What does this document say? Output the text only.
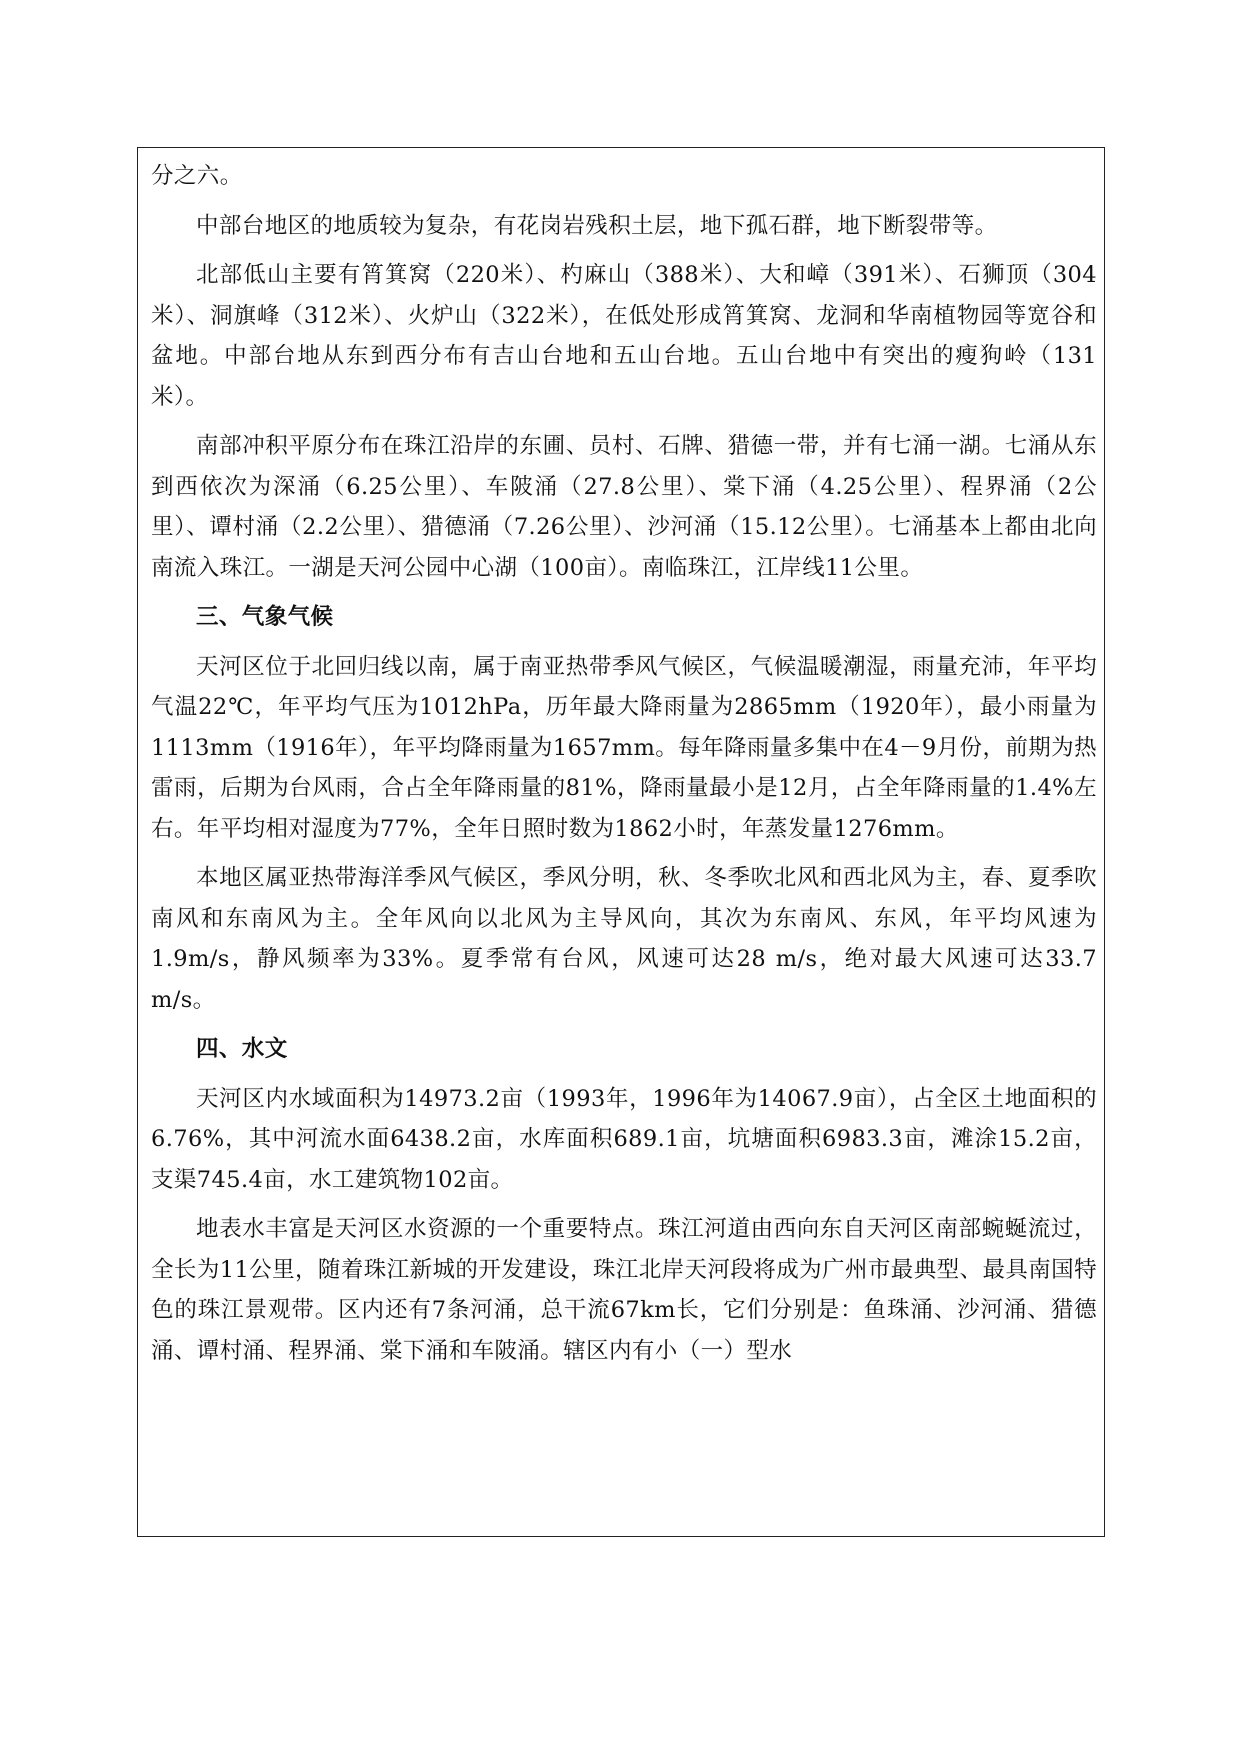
分之六。

中部台地区的地质较为复杂，有花岗岩残积土层，地下孤石群，地下断裂带等。

北部低山主要有筲箕窝（220米）、杓麻山（388米）、大和嶂（391米）、石狮顶（304米）、洞旗峰（312米）、火炉山（322米），在低处形成筲箕窝、龙洞和华南植物园等宽谷和盆地。中部台地从东到西分布有吉山台地和五山台地。五山台地中有突出的瘦狗岭（131米）。

南部冲积平原分布在珠江沿岸的东圃、员村、石牌、猎德一带，并有七涌一湖。七涌从东到西依次为深涌（6.25公里）、车陂涌（27.8公里）、棠下涌（4.25公里）、程界涌（2公里）、谭村涌（2.2公里）、猎德涌（7.26公里）、沙河涌（15.12公里）。七涌基本上都由北向南流入珠江。一湖是天河公园中心湖（100亩）。南临珠江，江岸线11公里。

三、气象气候

天河区位于北回归线以南，属于南亚热带季风气候区，气候温暖潮湿，雨量充沛，年平均气温22℃，年平均气压为1012hPa，历年最大降雨量为2865mm（1920年），最小雨量为1113mm（1916年），年平均降雨量为1657mm。每年降雨量多集中在4－9月份，前期为热雷雨，后期为台风雨，合占全年降雨量的81%，降雨量最小是12月，占全年降雨量的1.4%左右。年平均相对湿度为77%，全年日照时数为1862小时，年蒸发量1276mm。

本地区属亚热带海洋季风气候区，季风分明，秋、冬季吹北风和西北风为主，春、夏季吹南风和东南风为主。全年风向以北风为主导风向，其次为东南风、东风，年平均风速为1.9m/s，静风频率为33%。夏季常有台风，风速可达28 m/s，绝对最大风速可达33.7 m/s。

四、水文

天河区内水域面积为14973.2亩（1993年，1996年为14067.9亩），占全区土地面积的6.76%，其中河流水面6438.2亩，水库面积689.1亩，坑塘面积6983.3亩，滩涂15.2亩，支渠745.4亩，水工建筑物102亩。

地表水丰富是天河区水资源的一个重要特点。珠江河道由西向东自天河区南部蜿蜒流过，全长为11公里，随着珠江新城的开发建设，珠江北岸天河段将成为广州市最典型、最具南国特色的珠江景观带。区内还有7条河涌，总干流67km长，它们分别是：鱼珠涌、沙河涌、猎德涌、谭村涌、程界涌、棠下涌和车陂涌。辖区内有小（一）型水
